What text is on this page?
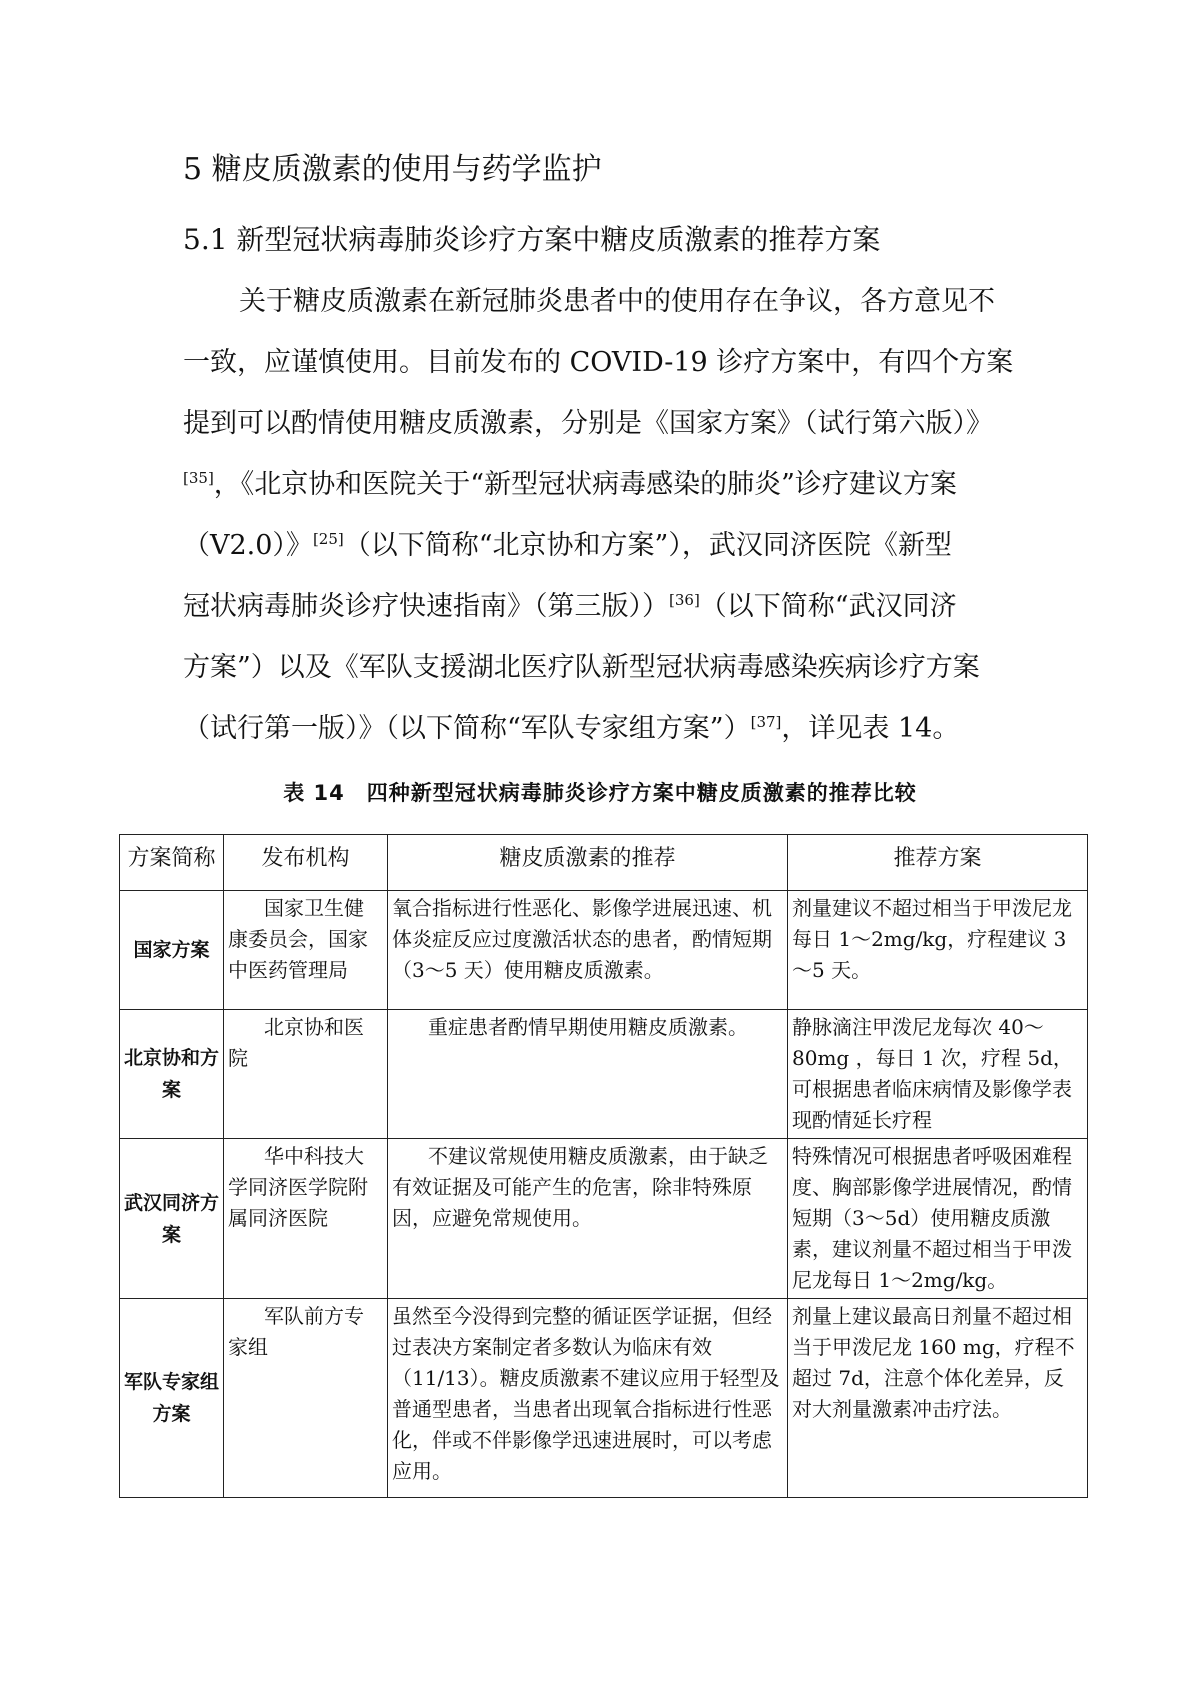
5 糖皮质激素的使用与药学监护
5.1 新型冠状病毒肺炎诊疗方案中糖皮质激素的推荐方案
关于糖皮质激素在新冠肺炎患者中的使用存在争议，各方意见不
一致，应谨慎使用。目前发布的 COVID-19 诊疗方案中，有四个方案
提到可以酌情使用糖皮质激素，分别是《国家方案》（试行第六版）》
[35]，《北京协和医院关于“新型冠状病毒感染的肺炎”诊疗建议方案
（V2.0）》[25]（以下简称“北京协和方案”），武汉同济医院《新型
冠状病毒肺炎诊疗快速指南》（第三版））[36]（以下简称“武汉同济
方案”）以及《军队支援湖北医疗队新型冠状病毒感染疾病诊疗方案
（试行第一版）》（以下简称“军队专家组方案”）[37]，详见表 14。
表 14　四种新型冠状病毒肺炎诊疗方案中糖皮质激素的推荐比较
方案简称	发布机构	糖皮质激素的推荐	推荐方案
国家方案	国家卫生健康委员会，国家中医药管理局	氧合指标进行性恶化、影像学进展迅速、机体炎症反应过度激活状态的患者，酌情短期（3～5 天）使用糖皮质激素。	剂量建议不超过相当于甲泼尼龙每日 1～2mg/kg，疗程建议 3～5 天。
北京协和方案	北京协和医院	重症患者酌情早期使用糖皮质激素。	静脉滴注甲泼尼龙每次 40～80mg ，每日 1 次，疗程 5d，可根据患者临床病情及影像学表现酌情延长疗程
武汉同济方案	华中科技大学同济医学院附属同济医院	不建议常规使用糖皮质激素，由于缺乏有效证据及可能产生的危害，除非特殊原因，应避免常规使用。	特殊情况可根据患者呼吸困难程度、胸部影像学进展情况，酌情短期（3～5d）使用糖皮质激素，建议剂量不超过相当于甲泼尼龙每日 1～2mg/kg。
军队专家组方案	军队前方专家组	虽然至今没得到完整的循证医学证据，但经过表决方案制定者多数认为临床有效（11/13）。糖皮质激素不建议应用于轻型及普通型患者，当患者出现氧合指标进行性恶化，伴或不伴影像学迅速进展时，可以考虑应用。	剂量上建议最高日剂量不超过相当于甲泼尼龙 160 mg，疗程不超过 7d，注意个体化差异，反对大剂量激素冲击疗法。
